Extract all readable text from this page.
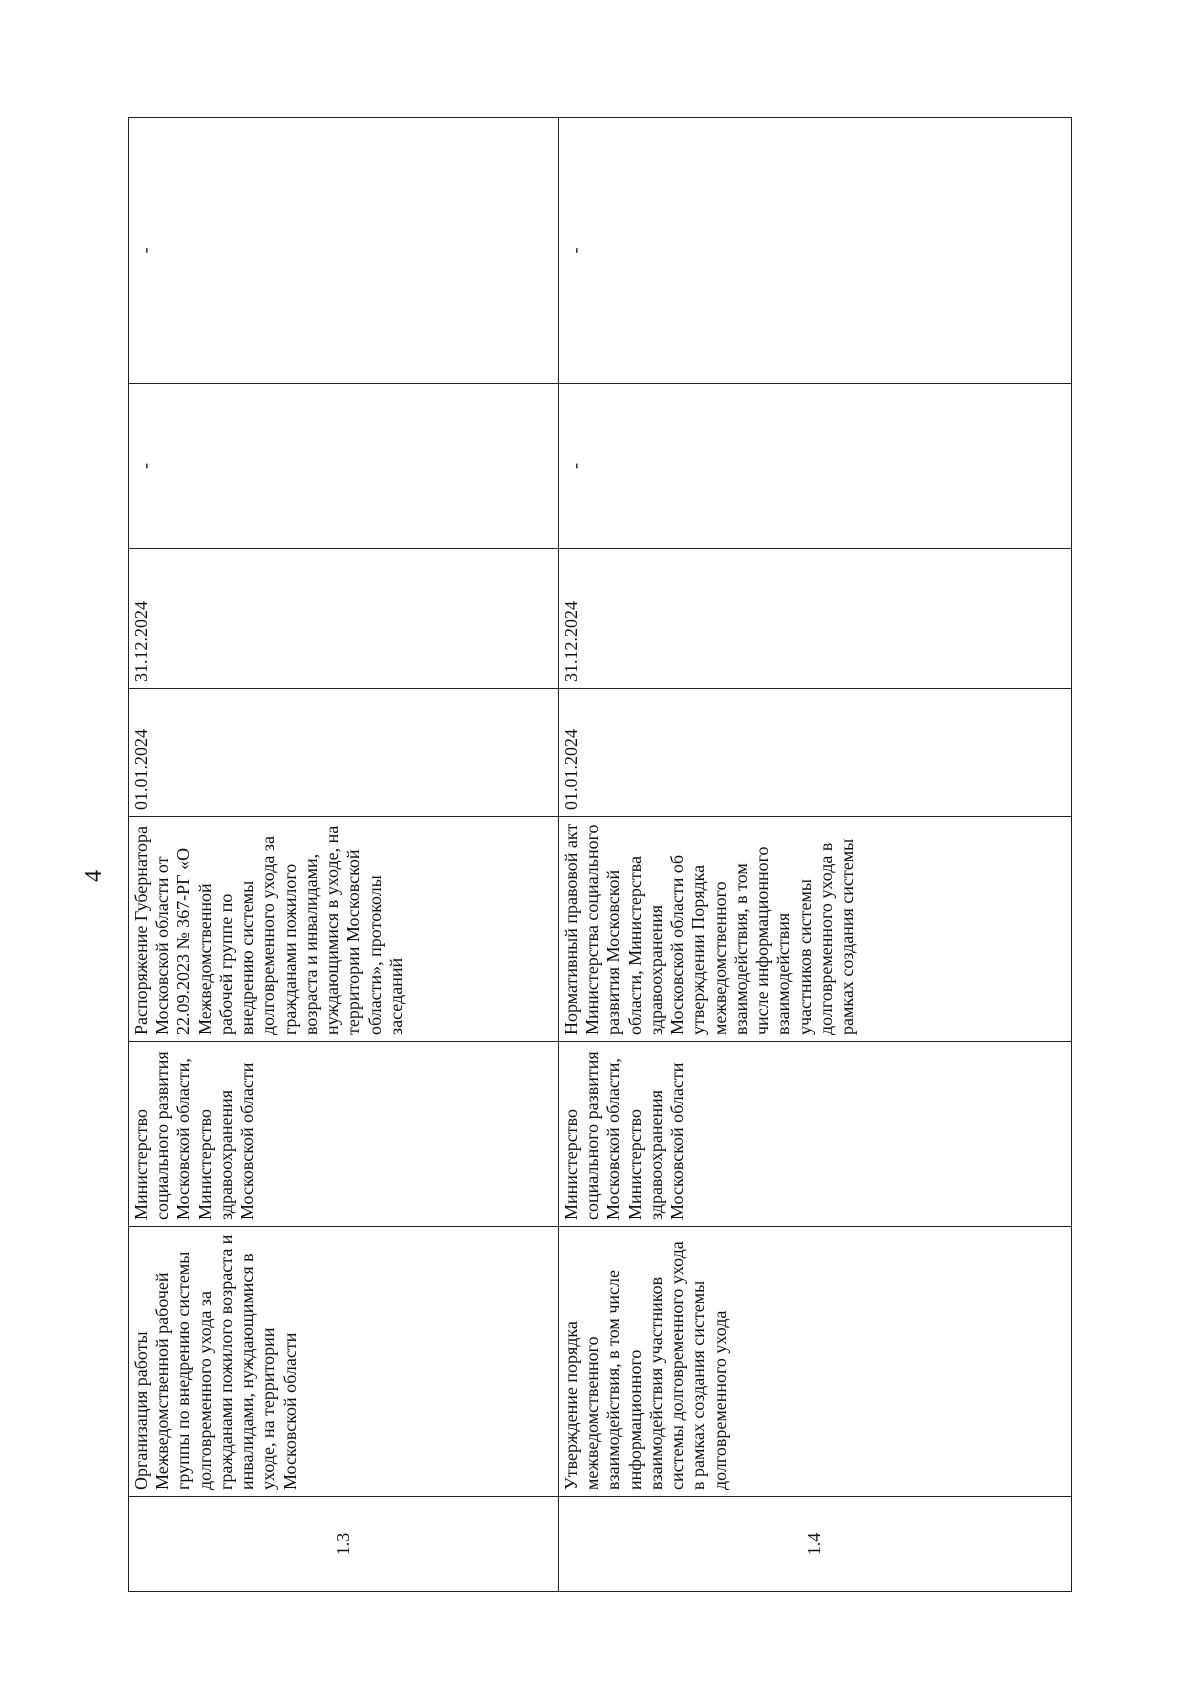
4
1.3	Организация работы Межведомственной рабочей группы по внедрению системы долговременного ухода за гражданами пожилого возраста и инвалидами, нуждающимися в уходе, на территории Московской области	Министерство социального развития Московской области, Министерство здравоохранения Московской области	Распоряжение Губернатора Московской области от 22.09.2023 № 367-РГ «О Межведомственной рабочей группе по внедрению системы долговременного ухода за гражданами пожилого возраста и инвалидами, нуждающимися в уходе, на территории Московской области», протоколы заседаний	01.01.2024	31.12.2024	-	-
1.4	Утверждение порядка межведомственного взаимодействия, в том числе информационного взаимодействия участников системы долговременного ухода в рамках создания системы долговременного ухода	Министерство социального развития Московской области, Министерство здравоохранения Московской области	Нормативный правовой акт Министерства социального развития Московской области, Министерства здравоохранения Московской области об утверждении Порядка межведомственного взаимодействия, в том числе информационного взаимодействия участников системы долговременного ухода в рамках создания системы	01.01.2024	31.12.2024	-	-
